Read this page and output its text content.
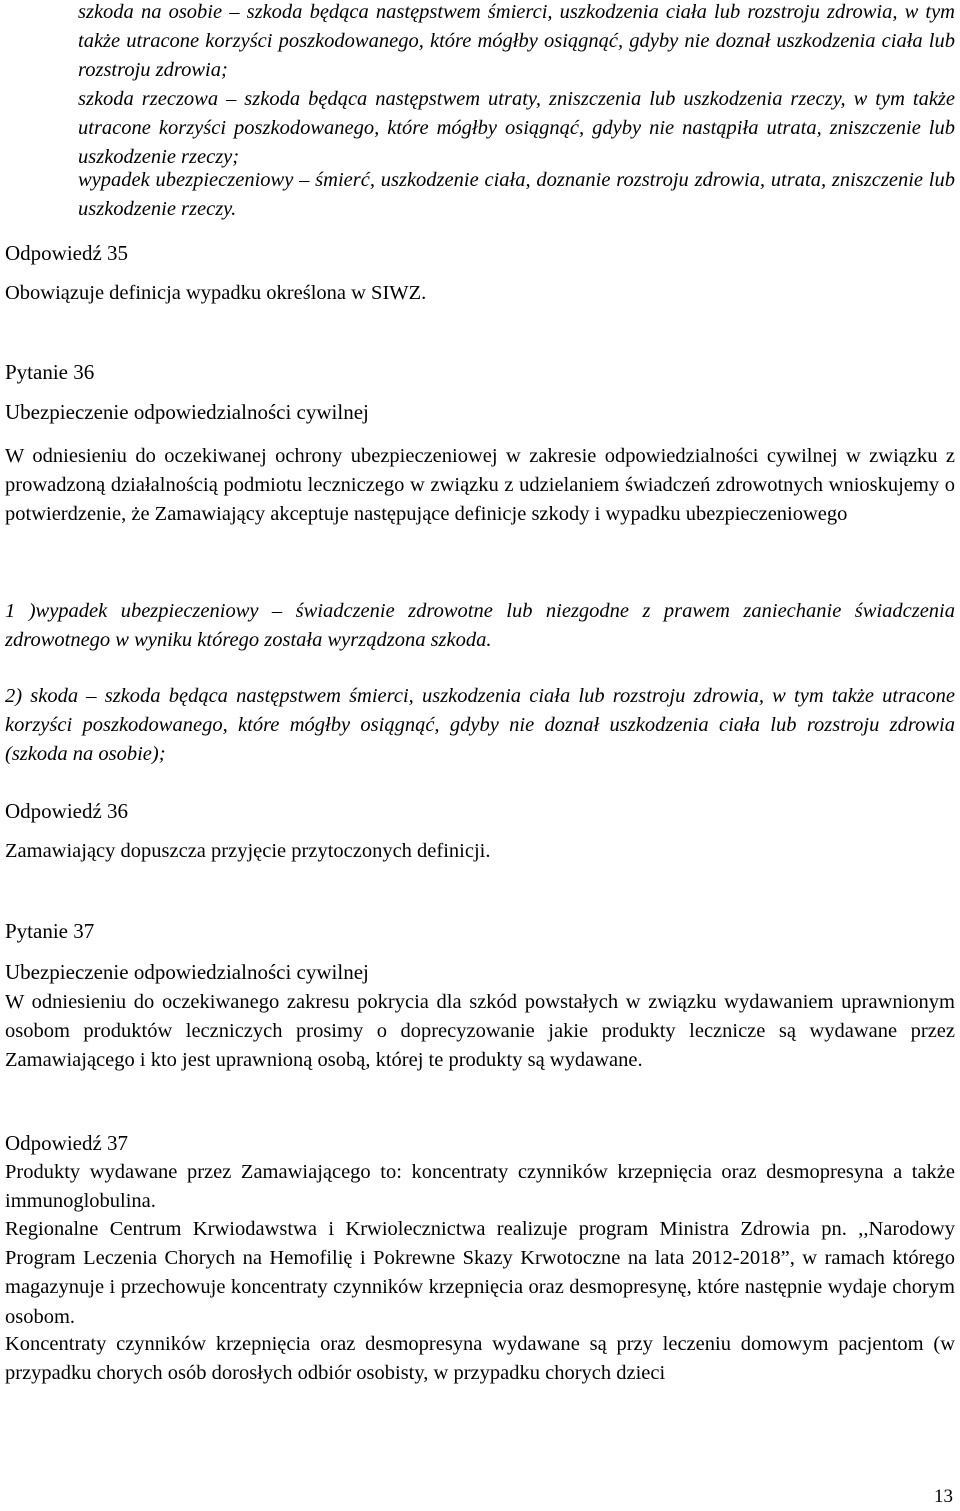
szkoda na osobie – szkoda będąca następstwem śmierci, uszkodzenia ciała lub rozstroju zdrowia, w tym także utracone korzyści poszkodowanego, które mógłby osiągnąć, gdyby nie doznał uszkodzenia ciała lub rozstroju zdrowia;

szkoda rzeczowa – szkoda będąca następstwem utraty, zniszczenia lub uszkodzenia rzeczy, w tym także utracone korzyści poszkodowanego, które mógłby osiągnąć, gdyby nie nastąpiła utrata, zniszczenie lub uszkodzenie rzeczy;

wypadek ubezpieczeniowy – śmierć, uszkodzenie ciała, doznanie rozstroju zdrowia, utrata, zniszczenie lub uszkodzenie rzeczy.

Odpowiedź 35

Obowiązuje definicja wypadku określona w SIWZ.

Pytanie 36

Ubezpieczenie odpowiedzialności cywilnej

W odniesieniu do oczekiwanej ochrony ubezpieczeniowej w zakresie odpowiedzialności cywilnej w związku z prowadzoną działalnością podmiotu leczniczego w związku z udzielaniem świadczeń zdrowotnych wnioskujemy o potwierdzenie, że Zamawiający akceptuje następujące definicje szkody i wypadku ubezpieczeniowego

1 )wypadek ubezpieczeniowy – świadczenie zdrowotne lub niezgodne z prawem zaniechanie świadczenia zdrowotnego w wyniku którego została wyrządzona szkoda.

2) skoda – szkoda będąca następstwem śmierci, uszkodzenia ciała lub rozstroju zdrowia, w tym także utracone korzyści poszkodowanego, które mógłby osiągnąć, gdyby nie doznał uszkodzenia ciała lub rozstroju zdrowia (szkoda na osobie);

Odpowiedź 36

Zamawiający dopuszcza przyjęcie przytoczonych definicji.

Pytanie 37

Ubezpieczenie odpowiedzialności cywilnej

W odniesieniu do oczekiwanego zakresu pokrycia dla szkód powstałych w związku wydawaniem uprawnionym osobom produktów leczniczych prosimy o doprecyzowanie jakie produkty lecznicze są wydawane przez Zamawiającego i kto jest uprawnioną osobą, której te produkty są wydawane.

Odpowiedź 37

Produkty wydawane przez Zamawiającego to: koncentraty czynników krzepnięcia oraz desmopresyna a także immunoglobulina.

Regionalne Centrum Krwiodawstwa i Krwiolecznictwa realizuje program Ministra Zdrowia pn. ,,Narodowy Program Leczenia Chorych na Hemofilię i Pokrewne Skazy Krwotoczne na lata 2012-2018”, w ramach którego magazynuje i przechowuje koncentraty czynników krzepnięcia oraz desmopresynę, które następnie wydaje chorym osobom.

Koncentraty czynników krzepnięcia oraz desmopresyna wydawane są przy leczeniu domowym pacjentom (w przypadku chorych osób dorosłych odbiór osobisty, w przypadku chorych dzieci

13
